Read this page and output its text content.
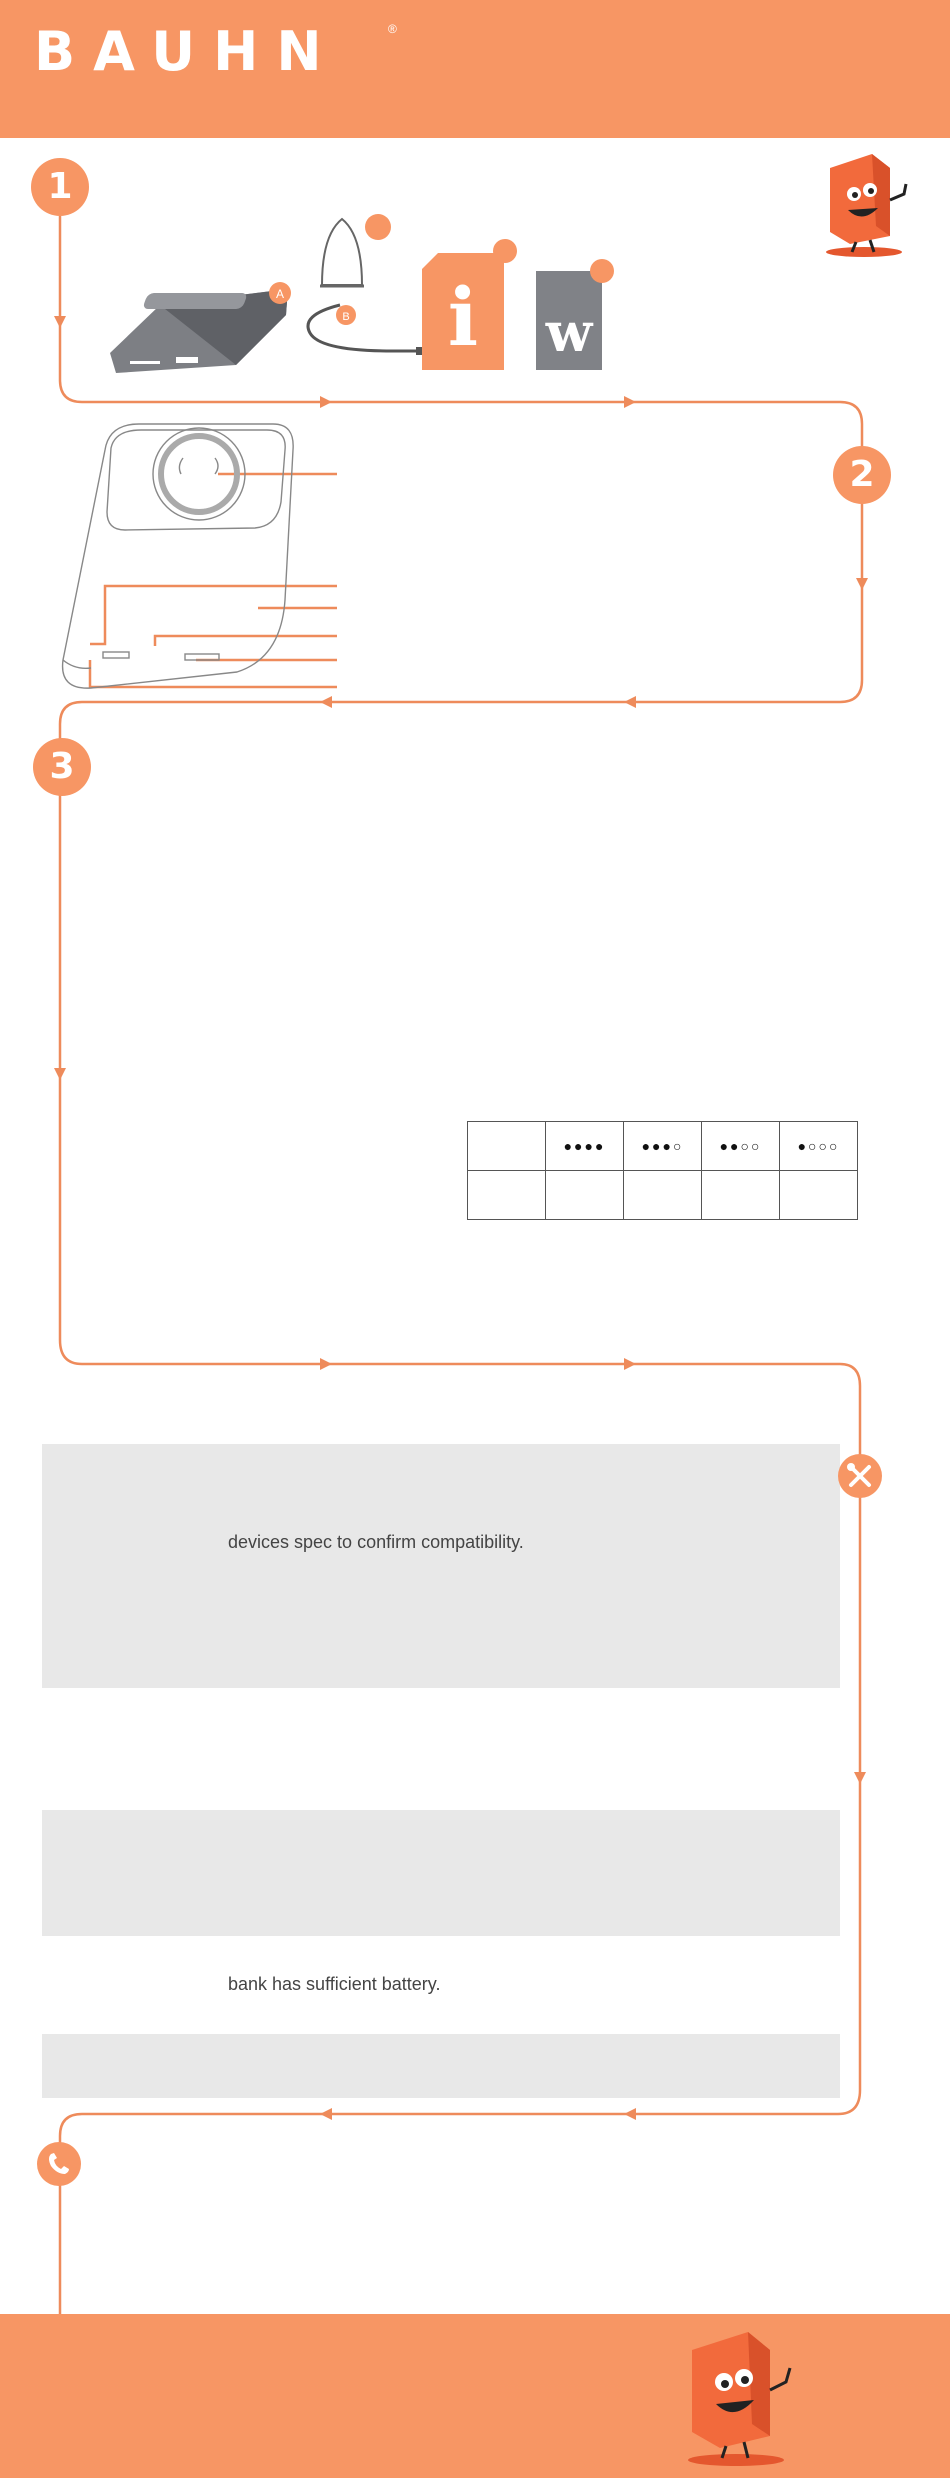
BAUHN	®
1
2
3
A
B i w
	●●●●	●●●○	●●○○	●○○○

devices spec to confirm compatibility.
bank has sufficient battery.
